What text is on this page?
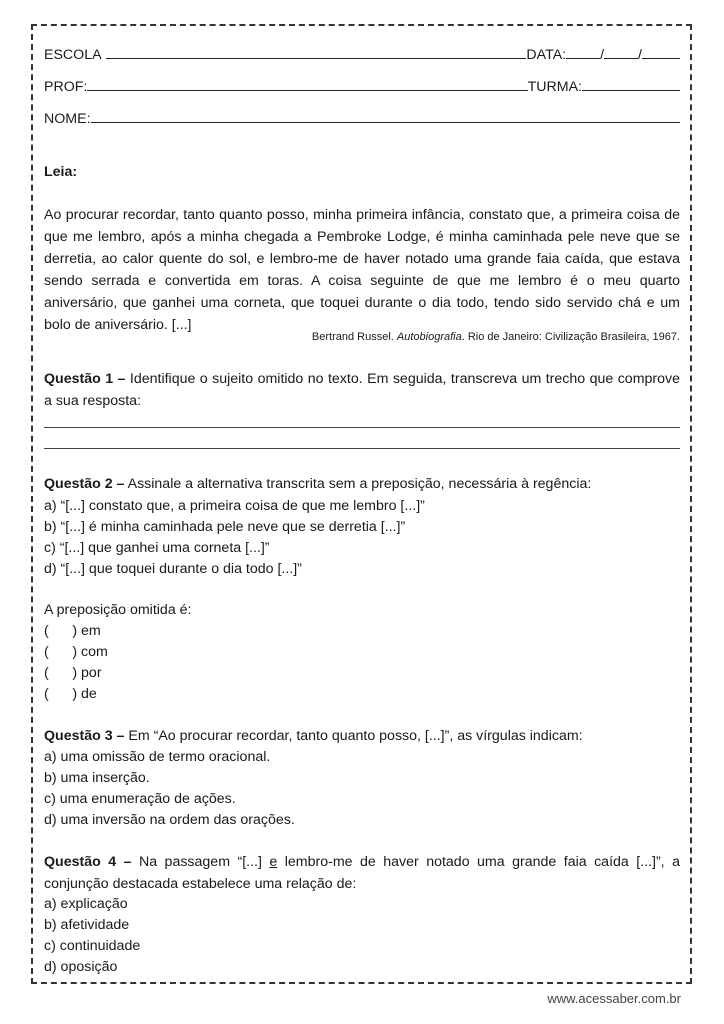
ESCOLA	DATA: / /
PROF:	TURMA:
NOME:
Leia:
Ao procurar recordar, tanto quanto posso, minha primeira infância, constato que, a primeira coisa de que me lembro, após a minha chegada a Pembroke Lodge, é minha caminhada pele neve que se derretia, ao calor quente do sol, e lembro-me de haver notado uma grande faia caída, que estava sendo serrada e convertida em toras. A coisa seguinte de que me lembro é o meu quarto aniversário, que ganhei uma corneta, que toquei durante o dia todo, tendo sido servido chá e um bolo de aniversário. [...]
Bertrand Russel. Autobiografia. Rio de Janeiro: Civilização Brasileira, 1967.
Questão 1 – Identifique o sujeito omitido no texto. Em seguida, transcreva um trecho que comprove a sua resposta:
Questão 2 – Assinale a alternativa transcrita sem a preposição, necessária à regência:
a) “[...] constato que, a primeira coisa de que me lembro [...]”
b) “[...] é minha caminhada pele neve que se derretia [...]”
c) “[...] que ganhei uma corneta [...]”
d) “[...] que toquei durante o dia todo [...]”
A preposição omitida é:
(      ) em
(      ) com
(      ) por
(      ) de
Questão 3 – Em “Ao procurar recordar, tanto quanto posso, [...]”, as vírgulas indicam:
a) uma omissão de termo oracional.
b) uma inserção.
c) uma enumeração de ações.
d) uma inversão na ordem das orações.
Questão 4 – Na passagem “[...] e lembro-me de haver notado uma grande faia caída [...]”, a conjunção destacada estabelece uma relação de:
a) explicação
b) afetividade
c) continuidade
d) oposição
www.acessaber.com.br
